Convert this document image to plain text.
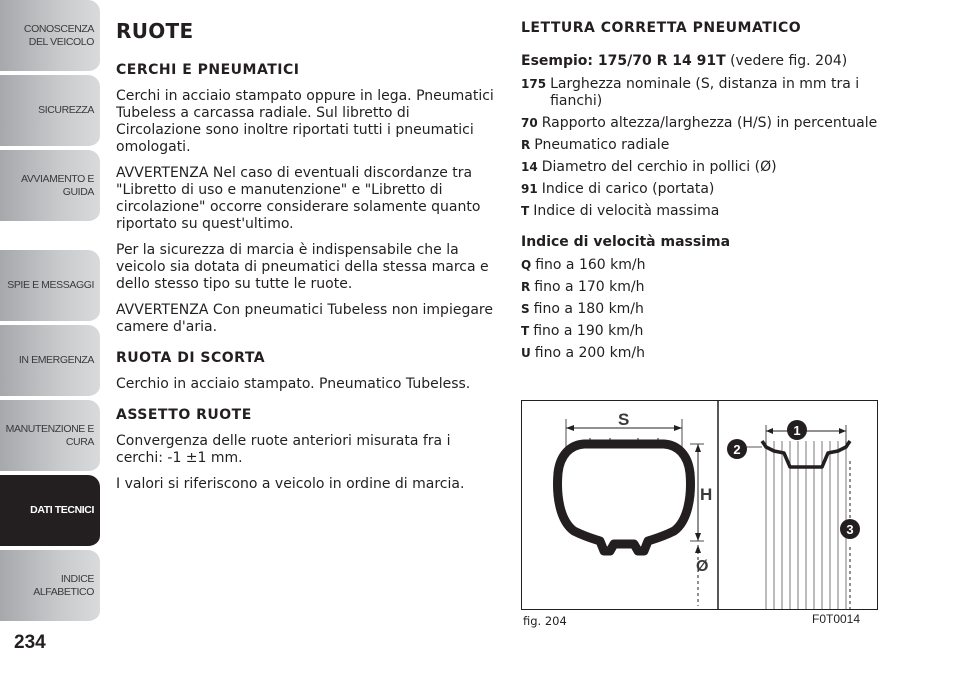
CONOSCENZA DEL VEICOLO
SICUREZZA
AVVIAMENTO E GUIDA
SPIE E MESSAGGI
IN EMERGENZA
MANUTENZIONE E CURA
DATI TECNICI
INDICE ALFABETICO
234
RUOTE
CERCHI E PNEUMATICI
Cerchi in acciaio stampato oppure in lega. Pneumatici Tubeless a carcassa radiale. Sul libretto di Circolazione sono inoltre riportati tutti i pneumatici omologati.
AVVERTENZA Nel caso di eventuali discordanze tra "Libretto di uso e manutenzione" e "Libretto di circolazione" occorre considerare solamente quanto riportato su quest'ultimo.
Per la sicurezza di marcia è indispensabile che la veicolo sia dotata di pneumatici della stessa marca e dello stesso tipo su tutte le ruote.
AVVERTENZA Con pneumatici Tubeless non impiegare camere d'aria.
RUOTA DI SCORTA
Cerchio in acciaio stampato. Pneumatico Tubeless.
ASSETTO RUOTE
Convergenza delle ruote anteriori misurata fra i cerchi: -1 ±1 mm.
I valori si riferiscono a veicolo in ordine di marcia.
LETTURA CORRETTA PNEUMATICO
Esempio: 175/70 R 14 91T (vedere fig. 204)
175 Larghezza nominale (S, distanza in mm tra i fianchi)
70 Rapporto altezza/larghezza (H/S) in percentuale
R Pneumatico radiale
14 Diametro del cerchio in pollici (Ø)
91 Indice di carico (portata)
T Indice di velocità massima
Indice di velocità massima
Q fino a 160 km/h
R fino a 170 km/h
S fino a 180 km/h
T fino a 190 km/h
U fino a 200 km/h
S
H
Ø
1
2
3
fig. 204	F0T0014
